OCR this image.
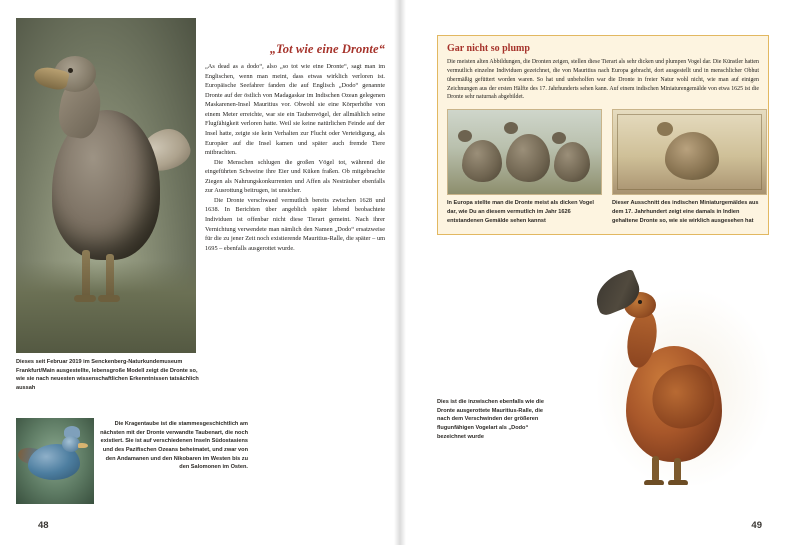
Dieses seit Februar 2019 im Senckenberg-Naturkundemuseum Frankfurt/Main ausgestellte, lebensgroße Modell zeigt die Dronte so, wie sie nach neuesten wissenschaftlichen Erkenntnissen tatsächlich aussah
„Tot wie eine Dronte“

„As dead as a dodo“, also „so tot wie eine Dronte“, sagt man im Englischen, wenn man meint, dass etwas wirklich verloren ist. Europäische Seefahrer fanden die auf Englisch „Dodo“ genannte Dronte auf der östlich von Madagaskar im Indischen Ozean gelegenen Maskarenen-Insel Mauritius vor. Obwohl sie eine Körperhöhe von einem Meter erreichte, war sie ein Taubenvögel, der allmählich seine Flugfähigkeit verloren hatte. Weil sie keine natürlichen Feinde auf der Insel hatte, zeigte sie kein Verhalten zur Flucht oder Verteidigung, als Europäer auf die Insel kamen und später auch fremde Tiere mitbrachten.

Die Menschen schlugen die großen Vögel tot, während die eingeführten Schweine ihre Eier und Küken fraßen. Ob mitgebrachte Ziegen als Nahrungskonkurrenten und Affen als Nesträuber ebenfalls zur Ausrottung beitrugen, ist unsicher.

Die Dronte verschwand vermutlich bereits zwischen 1628 und 1638. In Berichten über angeblich später lebend beobachtete Individuen ist offenbar nicht diese Tierart gemeint. Nach ihrer Vernichtung verwendete man nämlich den Namen „Dodo“ ersatzweise für die zu jener Zeit noch existierende Mauritius-Ralle, die später – um 1695 – ebenfalls ausgerottet wurde.

Die Kragentaube ist die stammesgeschichtlich am nächsten mit der Dronte verwandte Taubenart, die noch existiert. Sie ist auf verschiedenen Inseln Südostasiens und des Pazifischen Ozeans beheimatet, und zwar von den Andamanen und den Nikobaren im Westen bis zu den Salomonen im Osten.
48
Gar nicht so plump
Die meisten alten Abbildungen, die Dronten zeigen, stellen diese Tierart als sehr dicken und plumpen Vogel dar. Die Künstler hatten vermutlich einzelne Individuen gezeichnet, die von Mauritius nach Europa gebracht, dort ausgestellt und in menschlicher Obhut übermäßig gefüttert worden waren. So hat und unbeholfen war die Dronte in freier Natur wohl nicht, wie man auf einigen Zeichnungen aus der ersten Hälfte des 17. Jahrhunderts sehen kann. Auf einem indischen Miniaturengemälde von etwa 1625 ist die Dronte sehr naturnah abgebildet.
In Europa stellte man die Dronte meist als dicken Vogel dar, wie Du an diesem vermutlich im Jahr 1626 entstandenen Gemälde sehen kannst
Dieser Ausschnitt des indischen Miniaturgemäldes aus dem 17. Jahrhundert zeigt eine damals in Indien gehaltene Dronte so, wie sie wirklich ausgesehen hat
Dies ist die inzwischen ebenfalls wie die Dronte ausgerottete Mauritius-Ralle, die nach dem Verschwinden der größeren flugunfähigen Vogelart als „Dodo“ bezeichnet wurde
49
